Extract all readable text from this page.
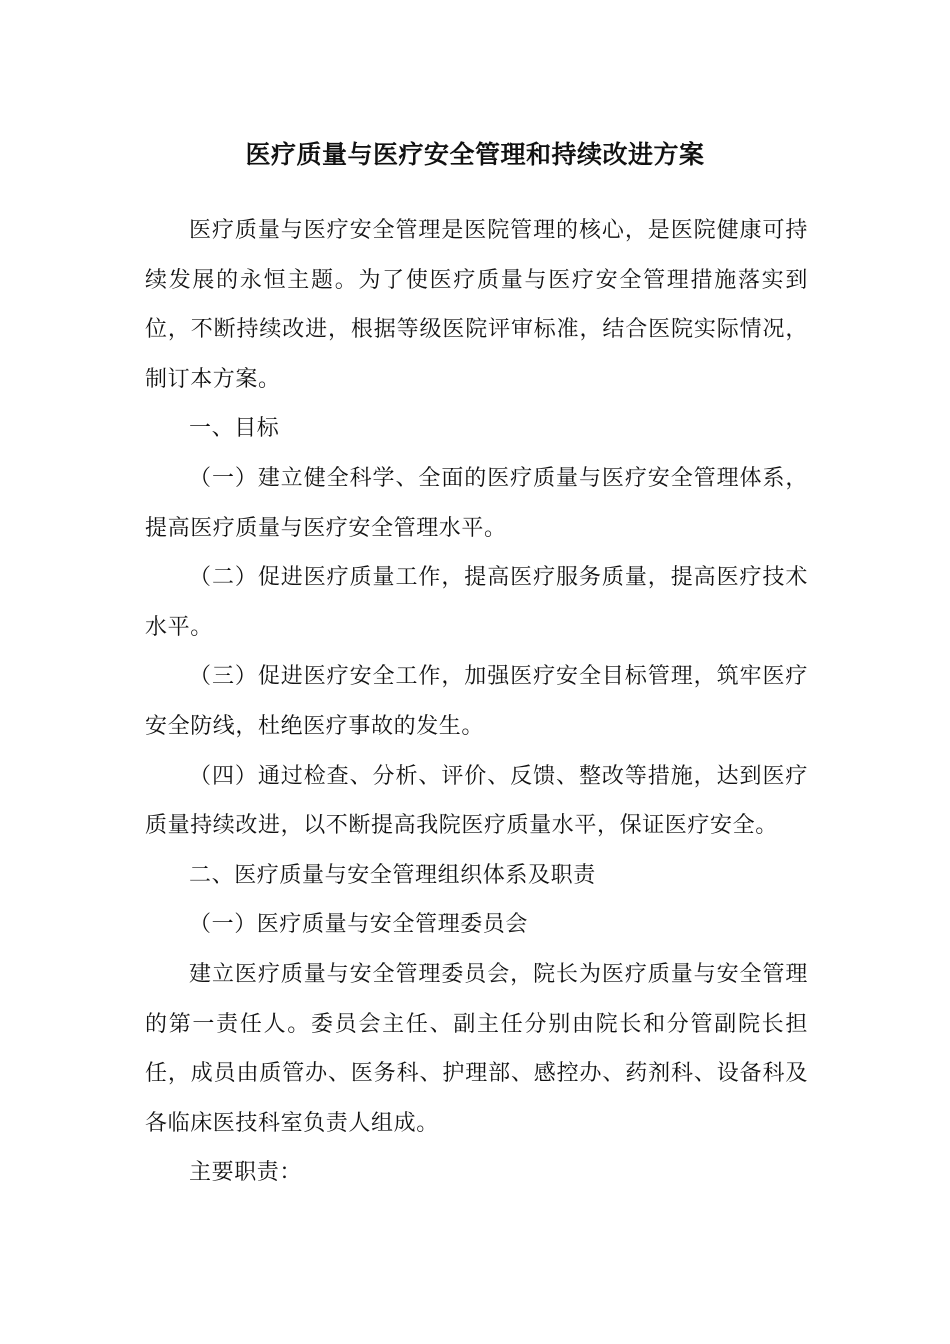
医疗质量与医疗安全管理和持续改进方案

医疗质量与医疗安全管理是医院管理的核心，是医院健康可持续发展的永恒主题。为了使医疗质量与医疗安全管理措施落实到位，不断持续改进，根据等级医院评审标准，结合医院实际情况，制订本方案。

一、目标

（一）建立健全科学、全面的医疗质量与医疗安全管理体系，提高医疗质量与医疗安全管理水平。

（二）促进医疗质量工作，提高医疗服务质量，提高医疗技术水平。

（三）促进医疗安全工作，加强医疗安全目标管理，筑牢医疗安全防线，杜绝医疗事故的发生。

（四）通过检查、分析、评价、反馈、整改等措施，达到医疗质量持续改进，以不断提高我院医疗质量水平，保证医疗安全。

二、医疗质量与安全管理组织体系及职责

（一）医疗质量与安全管理委员会

建立医疗质量与安全管理委员会，院长为医疗质量与安全管理的第一责任人。委员会主任、副主任分别由院长和分管副院长担任，成员由质管办、医务科、护理部、感控办、药剂科、设备科及各临床医技科室负责人组成。

主要职责：
